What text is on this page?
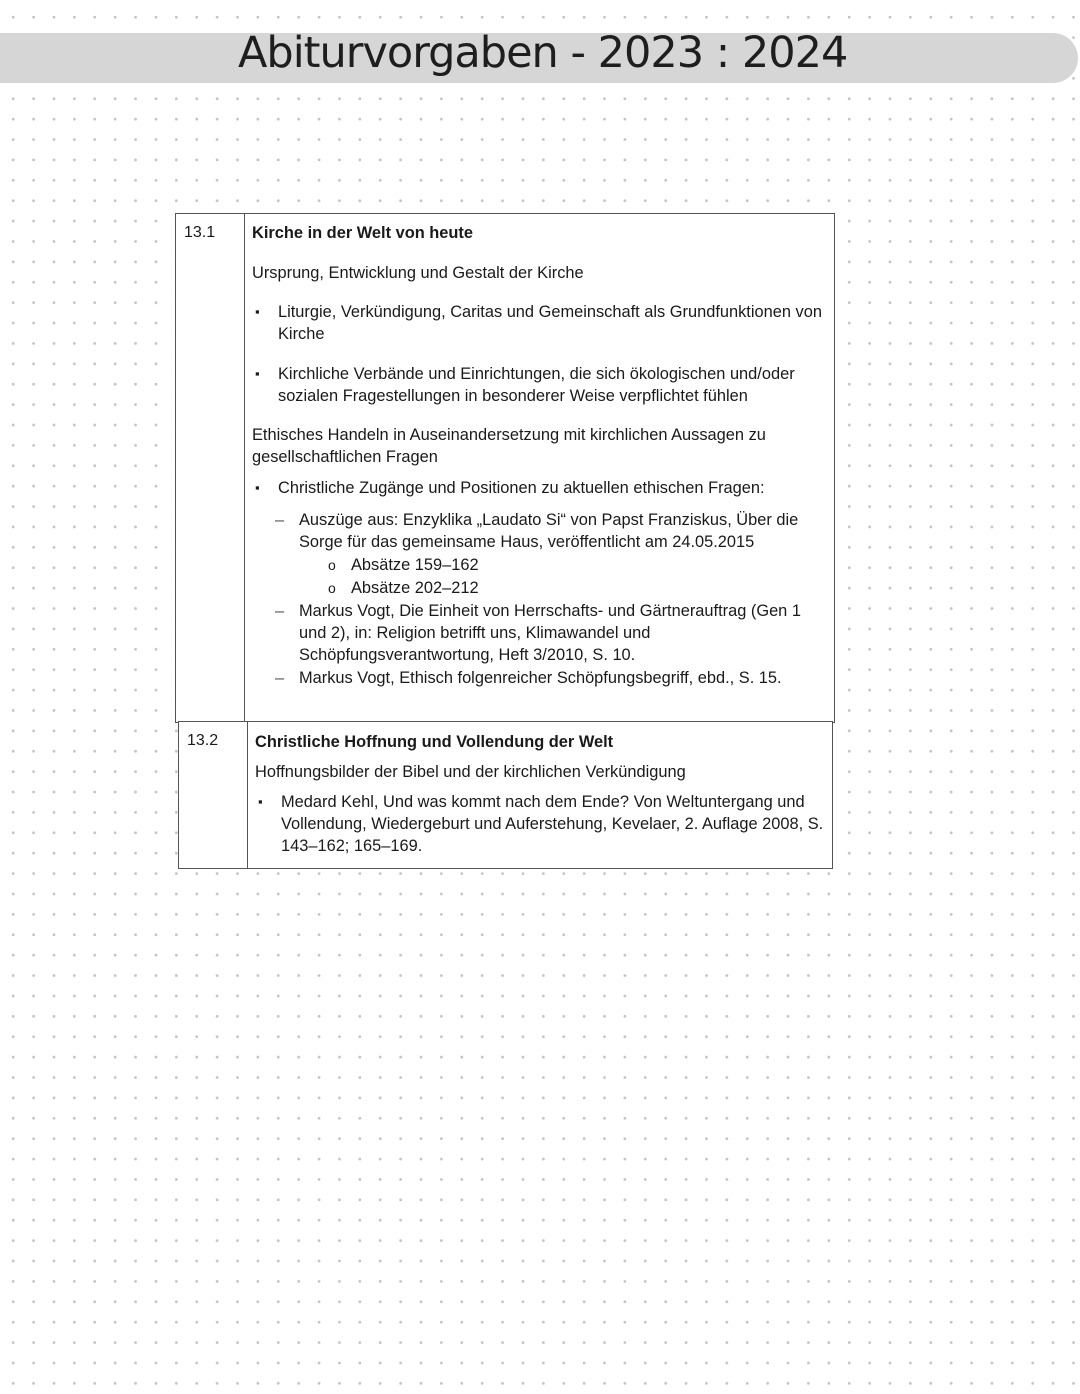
Abiturvorgaben - 2023 : 2024
13.1 Kirche in der Welt von heute

Ursprung, Entwicklung und Gestalt der Kirche

▪ Liturgie, Verkündigung, Caritas und Gemeinschaft als Grundfunktionen von Kirche
▪ Kirchliche Verbände und Einrichtungen, die sich ökologischen und/oder sozialen Fragestellungen in besonderer Weise verpflichtet fühlen

Ethisches Handeln in Auseinandersetzung mit kirchlichen Aussagen zu gesellschaftlichen Fragen

▪ Christliche Zugänge und Positionen zu aktuellen ethischen Fragen:
– Auszüge aus: Enzyklika „Laudato Si“ von Papst Franziskus, Über die Sorge für das gemeinsame Haus, veröffentlicht am 24.05.2015
o Absätze 159–162
o Absätze 202–212
– Markus Vogt, Die Einheit von Herrschafts- und Gärtnerauftrag (Gen 1 und 2), in: Religion betrifft uns, Klimawandel und Schöpfungsverantwortung, Heft 3/2010, S. 10.
– Markus Vogt, Ethisch folgenreicher Schöpfungsbegriff, ebd., S. 15.
13.2 Christliche Hoffnung und Vollendung der Welt

Hoffnungsbilder der Bibel und der kirchlichen Verkündigung

▪ Medard Kehl, Und was kommt nach dem Ende? Von Weltuntergang und Vollendung, Wiedergeburt und Auferstehung, Kevelaer, 2. Auflage 2008, S. 143–162; 165–169.
